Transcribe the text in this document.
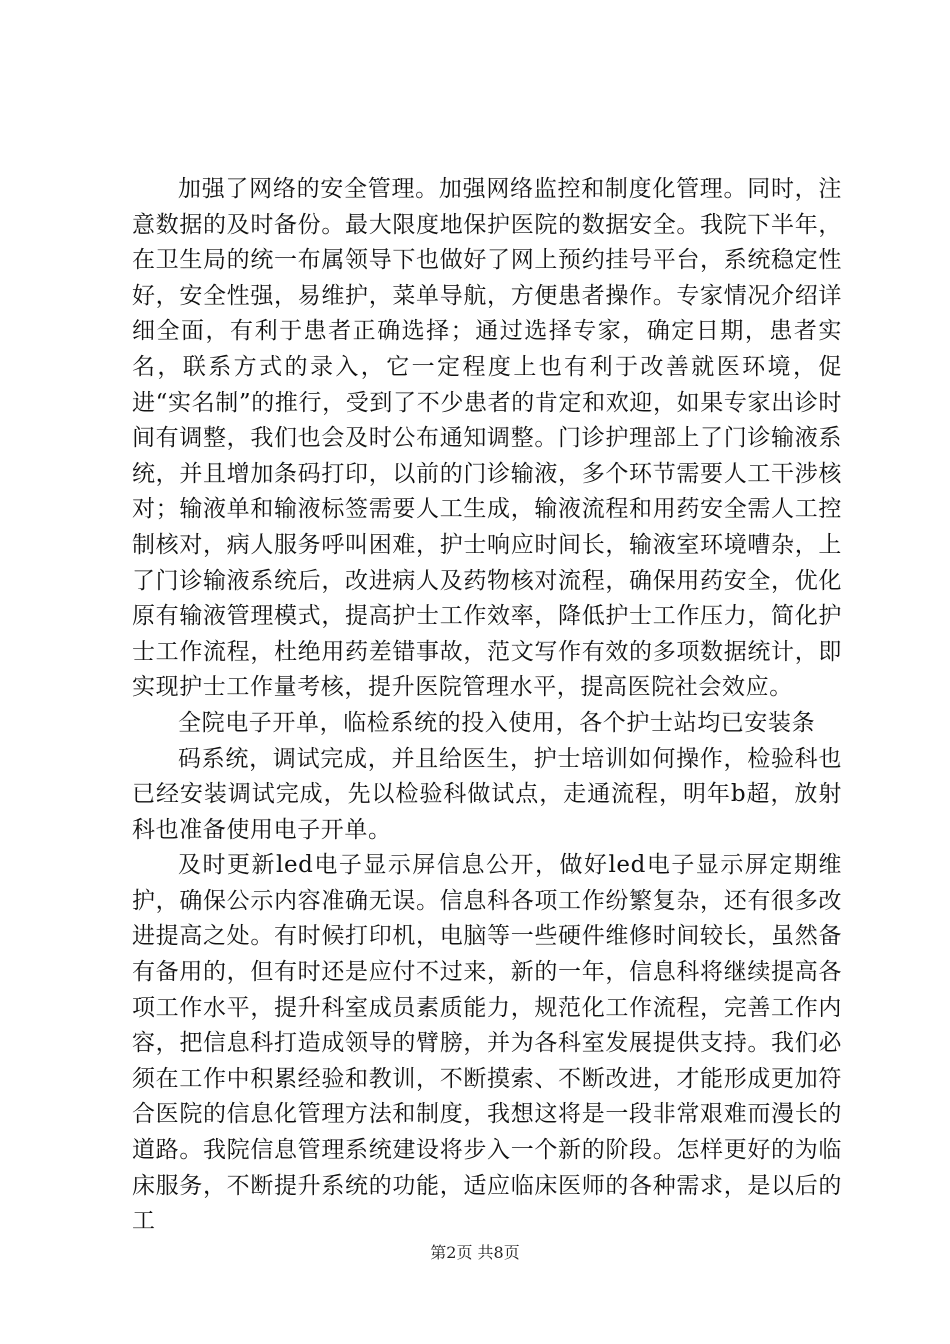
加强了网络的安全管理。加强网络监控和制度化管理。同时，注意数据的及时备份。最大限度地保护医院的数据安全。我院下半年，在卫生局的统一布属领导下也做好了网上预约挂号平台，系统稳定性好，安全性强，易维护，菜单导航，方便患者操作。专家情况介绍详细全面，有利于患者正确选择；通过选择专家，确定日期，患者实名，联系方式的录入，它一定程度上也有利于改善就医环境，促进“实名制”的推行，受到了不少患者的肯定和欢迎，如果专家出诊时间有调整，我们也会及时公布通知调整。门诊护理部上了门诊输液系统，并且增加条码打印，以前的门诊输液，多个环节需要人工干涉核对；输液单和输液标签需要人工生成，输液流程和用药安全需人工控制核对，病人服务呼叫困难，护士响应时间长，输液室环境嘈杂，上了门诊输液系统后，改进病人及药物核对流程，确保用药安全，优化原有输液管理模式，提高护士工作效率，降低护士工作压力，简化护士工作流程，杜绝用药差错事故，范文写作有效的多项数据统计，即实现护士工作量考核，提升医院管理水平，提高医院社会效应。

全院电子开单，临检系统的投入使用，各个护士站均已安装条

码系统，调试完成，并且给医生，护士培训如何操作，检验科也已经安装调试完成，先以检验科做试点，走通流程，明年b超，放射科也准备使用电子开单。

及时更新led电子显示屏信息公开，做好led电子显示屏定期维护，确保公示内容准确无误。信息科各项工作纷繁复杂，还有很多改进提高之处。有时候打印机，电脑等一些硬件维修时间较长，虽然备有备用的，但有时还是应付不过来，新的一年，信息科将继续提高各项工作水平，提升科室成员素质能力，规范化工作流程，完善工作内容，把信息科打造成领导的臂膀，并为各科室发展提供支持。我们必须在工作中积累经验和教训，不断摸索、不断改进，才能形成更加符合医院的信息化管理方法和制度，我想这将是一段非常艰难而漫长的道路。我院信息管理系统建设将步入一个新的阶段。怎样更好的为临床服务，不断提升系统的功能，适应临床医师的各种需求，是以后的工

第2页 共8页
